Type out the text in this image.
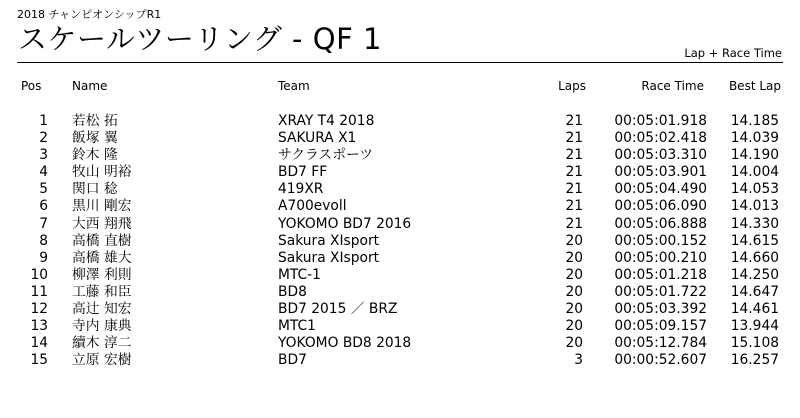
2018 チャンピオンシップR1
スケールツーリング - QF 1	Lap + Race Time
Pos	Name	Team	Laps	Race Time	Best Lap
1 若松 拓	XRAY T4 2018	21	00:05:01.918	14.185
2 飯塚 翼	SAKURA X1	21	00:05:02.418	14.039
3 鈴木 隆	サクラスポーツ	21	00:05:03.310	14.190
4 牧山 明裕	BD7 FF	21	00:05:03.901	14.004
5 関口 稔	419XR	21	00:05:04.490	14.053
6 黒川 剛宏	A700evoll	21	00:05:06.090	14.013
7 大西 翔飛	YOKOMO BD7 2016	21	00:05:06.888	14.330
8 高橋 直樹	Sakura XIsport	20	00:05:00.152	14.615
9 高橋 雄大	Sakura XIsport	20	00:05:00.210	14.660
10 柳澤 利則	MTC-1	20	00:05:01.218	14.250
11 工藤 和臣	BD8	20	00:05:01.722	14.647
12 高辻 知宏	BD7 2015 ／ BRZ	20	00:05:03.392	14.461
13 寺内 康典	MTC1	20	00:05:09.157	13.944
14 續木 淳二	YOKOMO BD8 2018	20	00:05:12.784	15.108
15 立原 宏樹	BD7	3	00:00:52.607	16.257
